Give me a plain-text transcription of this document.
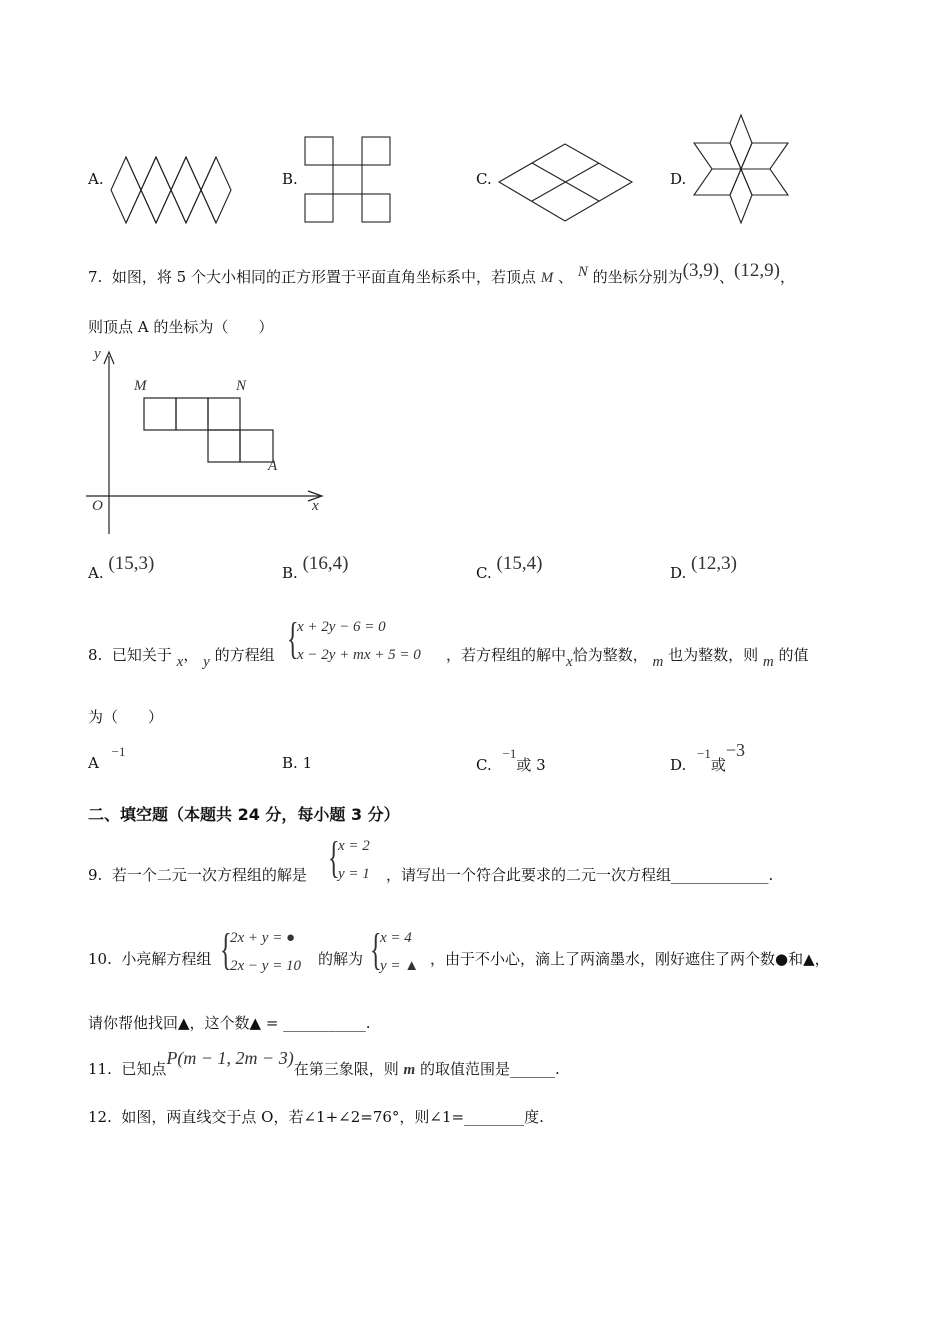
A.	B.	C.	D.
7. 如图，将 5 个大小相同的正方形置于平面直角坐标系中，若顶点 M 、 N 的坐标分别为(3,9)、(12,9)，
则顶点 A 的坐标为（　　）
y
x
O
M	N
A
A. (15,3)	B. (16,4)	C. (15,4)	D. (12,3)
8. 已知关于 x， y 的方程组 {
x + 2y − 6 = 0
x − 2y + mx + 5 = 0 ，若方程组的解中x恰为整数， m 也为整数，则 m 的值
为（　　）
A −1
B. 1	C. −1或 3	D. −1或−3
二、填空题（本题共 24 分，每小题 3 分）
9. 若一个二元一次方程组的解是 {
x = 2
y = 1 ，请写出一个符合此要求的二元一次方程组_____________.
10. 小亮解方程组 {
2x + y = ●
2x − y = 10 的解为 {
x = 4
y = ▲ ，由于不小心，滴上了两滴墨水，刚好遮住了两个数●和▲，
请你帮他找回▲，这个数▲ = ___________.
11. 已知点P(m − 1, 2m − 3)在第三象限，则 m 的取值范围是______.
12. 如图，两直线交于点 O，若∠1+∠2=76°，则∠1=________度.
